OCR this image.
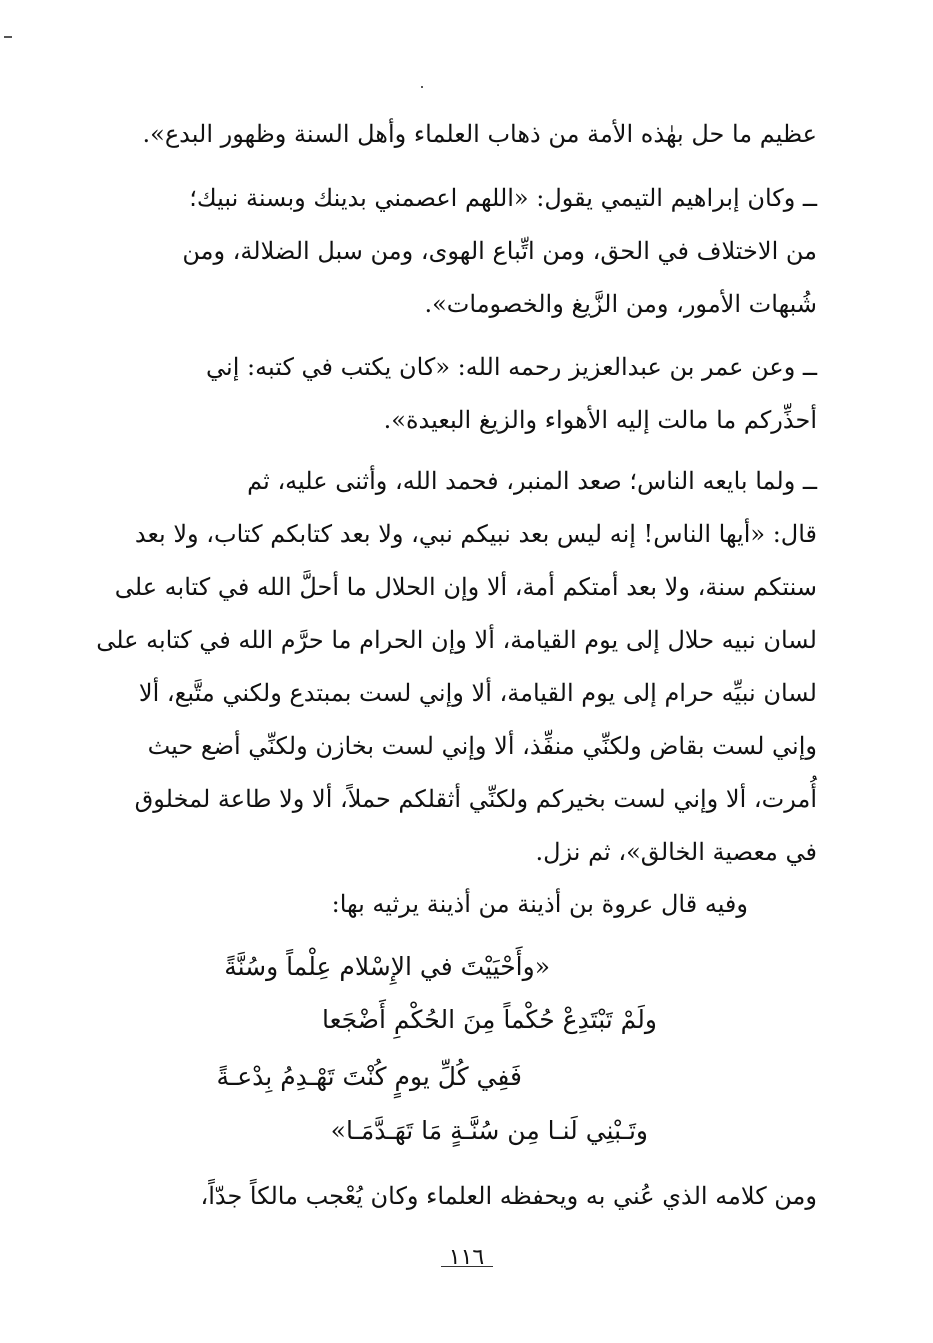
عظيم ما حل بهٰذه الأمة من ذهاب العلماء وأهل السنة وظهور البدع».
ــ وكان إبراهيم التيمي يقول: «اللهم اعصمني بدينك وبسنة نبيك؛
من الاختلاف في الحق، ومن اتِّباع الهوى، ومن سبل الضلالة، ومن
شُبهات الأمور، ومن الزَّيغ والخصومات».
ــ وعن عمر بن عبدالعزيز رحمه الله: «كان يكتب في كتبه: إني
أحذِّركم ما مالت إليه الأهواء والزيغ البعيدة».
ــ ولما بايعه الناس؛ صعد المنبر، فحمد الله، وأثنى عليه، ثم
قال: «أيها الناس! إنه ليس بعد نبيكم نبي، ولا بعد كتابكم كتاب، ولا بعد
سنتكم سنة، ولا بعد أمتكم أمة، ألا وإن الحلال ما أحلَّ الله في كتابه على
لسان نبيه حلال إلى يوم القيامة، ألا وإن الحرام ما حرَّم الله في كتابه على
لسان نبيِّه حرام إلى يوم القيامة، ألا وإني لست بمبتدع ولكني متَّبع، ألا
وإني لست بقاض ولكنِّي منفِّذ، ألا وإني لست بخازن ولكنِّي أضع حيث
أُمرت، ألا وإني لست بخيركم ولكنِّي أثقلكم حملاً، ألا ولا طاعة لمخلوق
في معصية الخالق»، ثم نزل.
وفيه قال عروة بن أذينة من أذينة يرثيه بها:
«وأَحْيَيْتَ في الإِسْلام عِلْماً وسُنَّةً
ولَمْ تَبْتَدِعْ حُكْماً مِنَ الحُكْمِ أَضْجَعا
فَفِي كُلِّ يومٍ كُنْتَ تَهْـدِمُ بِدْعـةً
وتَـبْنِي لَنـا مِن سُنَّـةٍ مَا تَهَـدَّمَـا»
ومن كلامه الذي عُني به ويحفظه العلماء وكان يُعْجب مالكاً جدّاً،
١١٦
